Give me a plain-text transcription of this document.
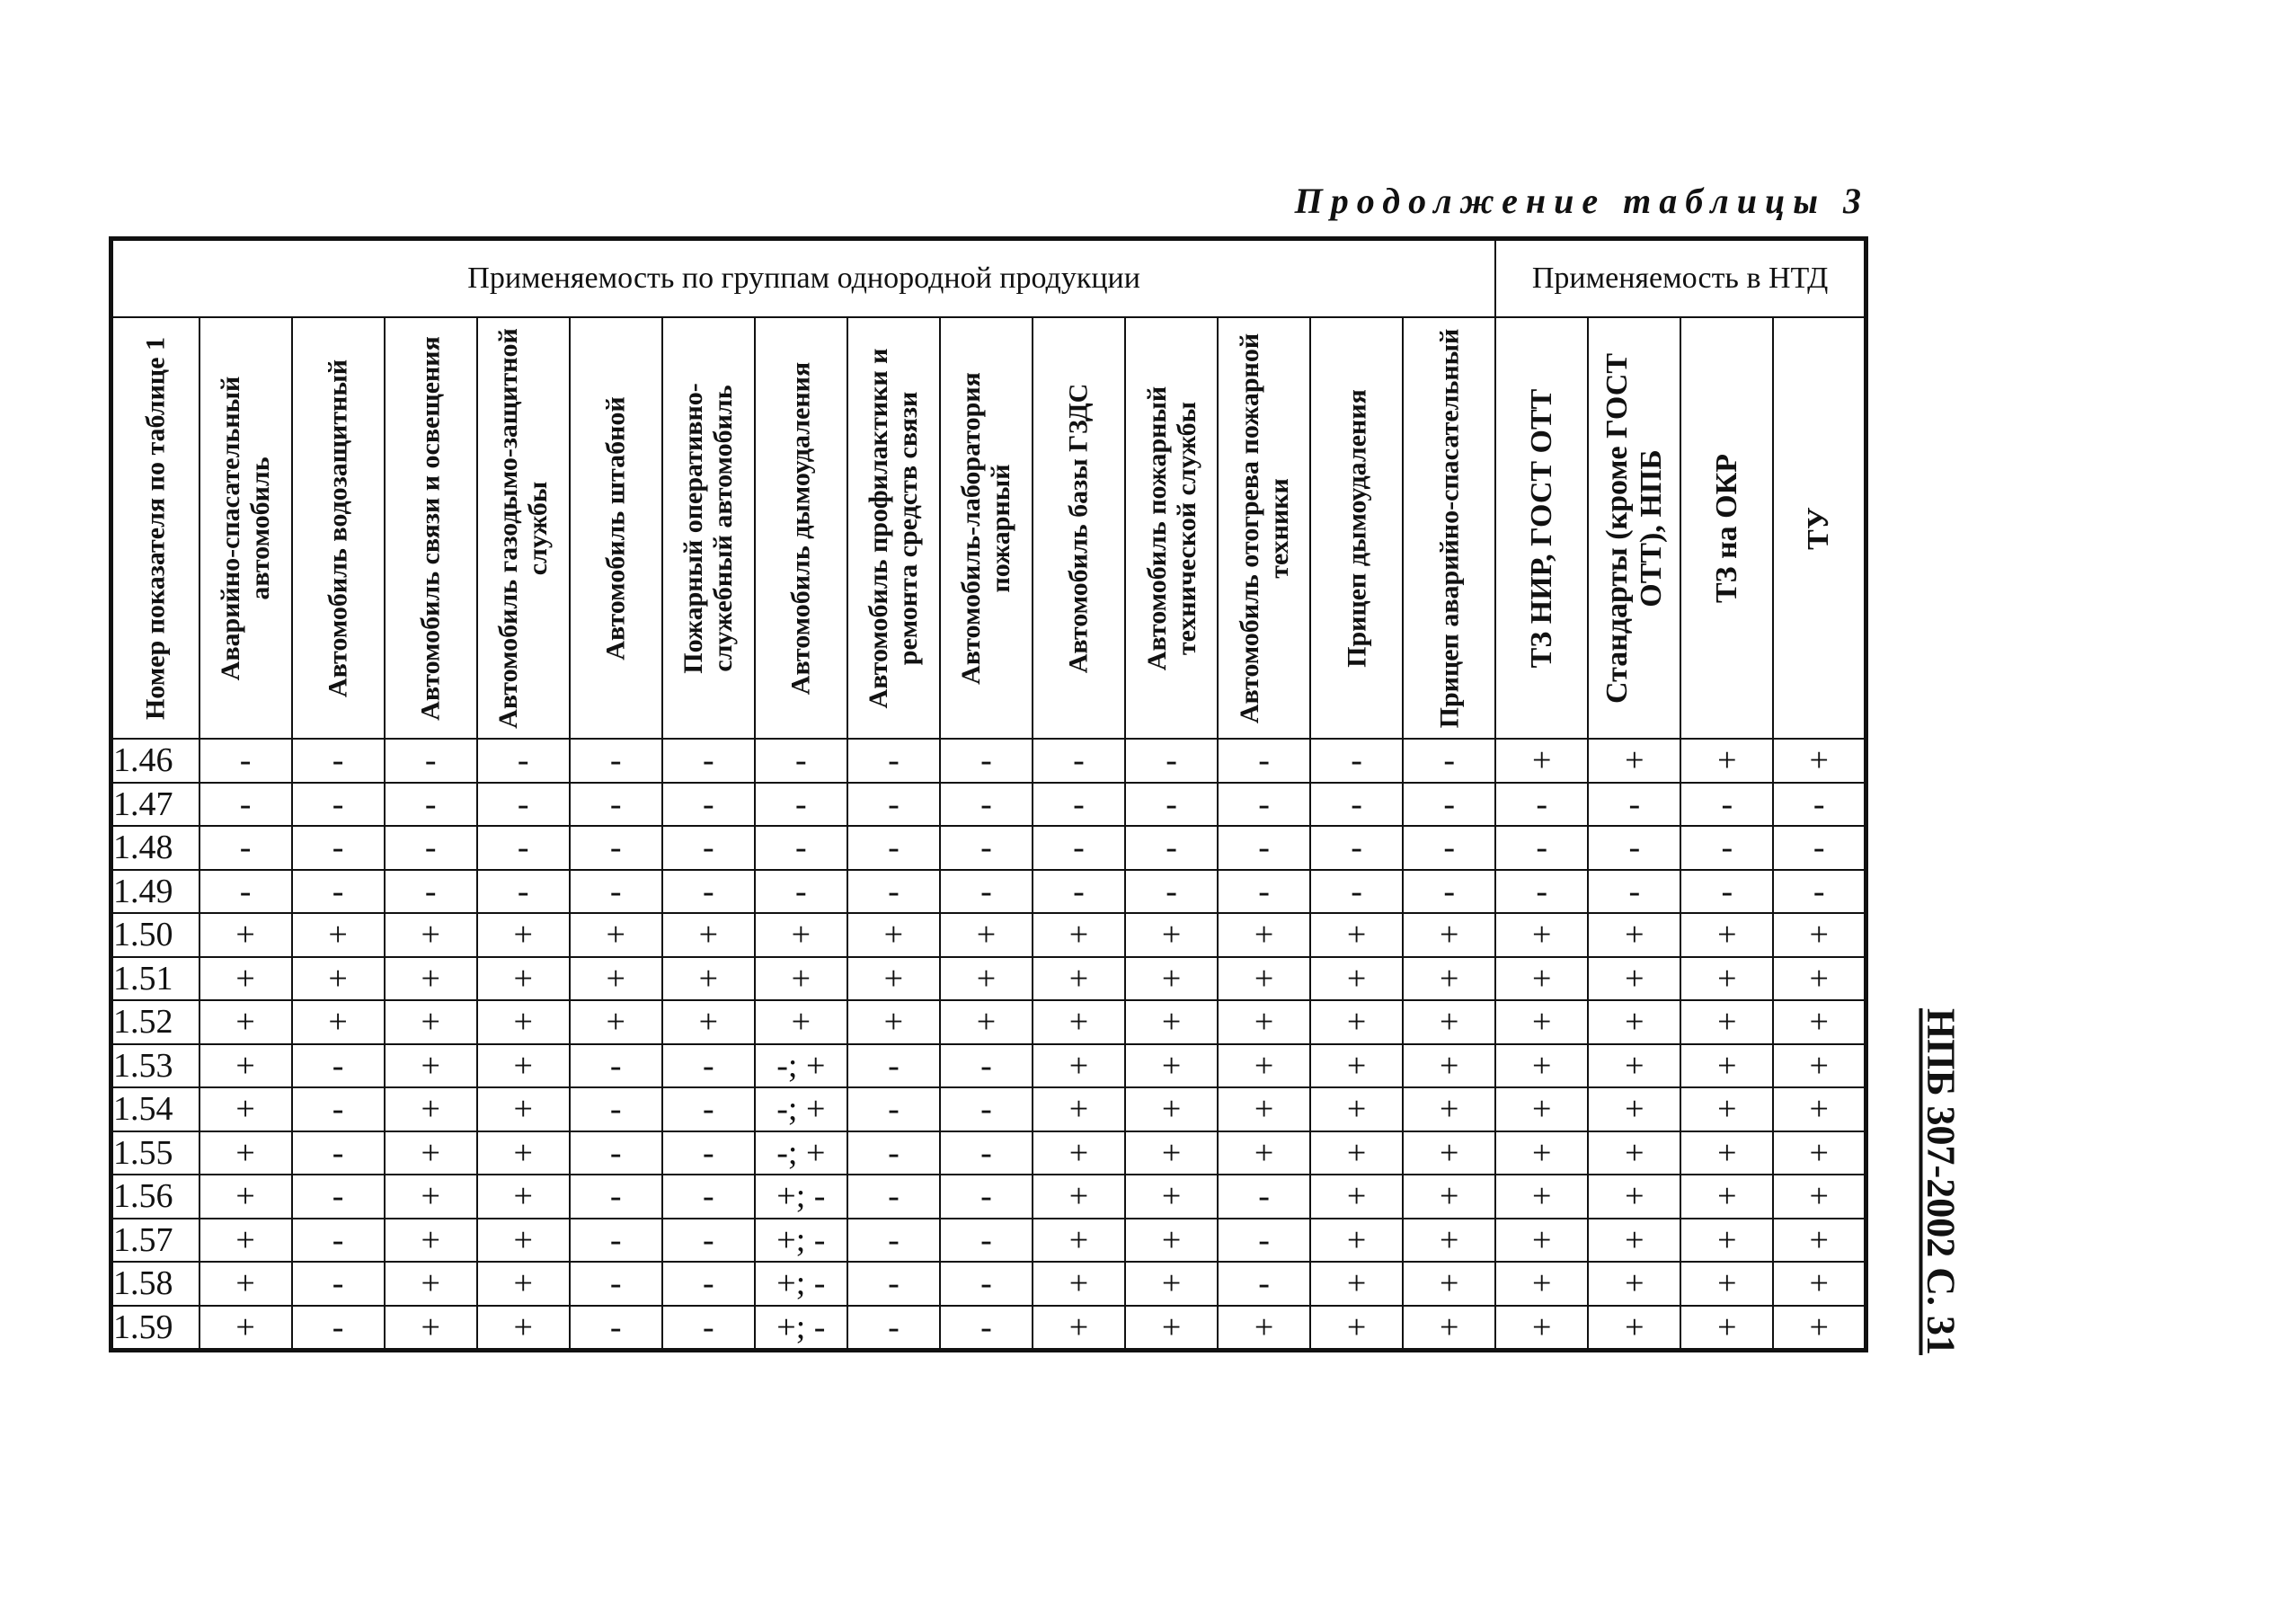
Продолжение таблицы 3
Применяемость по группам однородной продукции															Применяемость в НТД			

Номер показателя по таблице 1	Аварийно-спасательный автомобиль	Автомобиль водозащитный	Автомобиль связи и освещения	Автомобиль газодымо-защитной службы	Автомобиль штабной	Пожарный оперативно-служебный автомобиль	Автомобиль дымоудаления	Автомобиль профилактики и ремонта средств связи	Автомобиль-лаборатория пожарный	Автомобиль базы ГЗДС	Автомобиль пожарный технической службы	Автомобиль отогрева пожарной техники	Прицеп дымоудаления	Прицеп аварийно-спасательный	ТЗ НИР, ГОСТ ОТТ	Стандарты (кроме ГОСТ ОТТ), НПБ	ТЗ на ОКР	ТУ

1.46	-	-	-	-	-	-	-	-	-	-	-	-	-	-	+	+	+	+
1.47	-	-	-	-	-	-	-	-	-	-	-	-	-	-	-	-	-	-
1.48	-	-	-	-	-	-	-	-	-	-	-	-	-	-	-	-	-	-
1.49	-	-	-	-	-	-	-	-	-	-	-	-	-	-	-	-	-	-
1.50	+	+	+	+	+	+	+	+	+	+	+	+	+	+	+	+	+	+
1.51	+	+	+	+	+	+	+	+	+	+	+	+	+	+	+	+	+	+
1.52	+	+	+	+	+	+	+	+	+	+	+	+	+	+	+	+	+	+
1.53	+	-	+	+	-	-	-; +	-	-	+	+	+	+	+	+	+	+	+
1.54	+	-	+	+	-	-	-; +	-	-	+	+	+	+	+	+	+	+	+
1.55	+	-	+	+	-	-	-; +	-	-	+	+	+	+	+	+	+	+	+
1.56	+	-	+	+	-	-	+; -	-	-	+	+	-	+	+	+	+	+	+
1.57	+	-	+	+	-	-	+; -	-	-	+	+	-	+	+	+	+	+	+
1.58	+	-	+	+	-	-	+; -	-	-	+	+	-	+	+	+	+	+	+
1.59	+	-	+	+	-	-	+; -	-	-	+	+	+	+	+	+	+	+	+ НПБ 307-2002 С. 31
